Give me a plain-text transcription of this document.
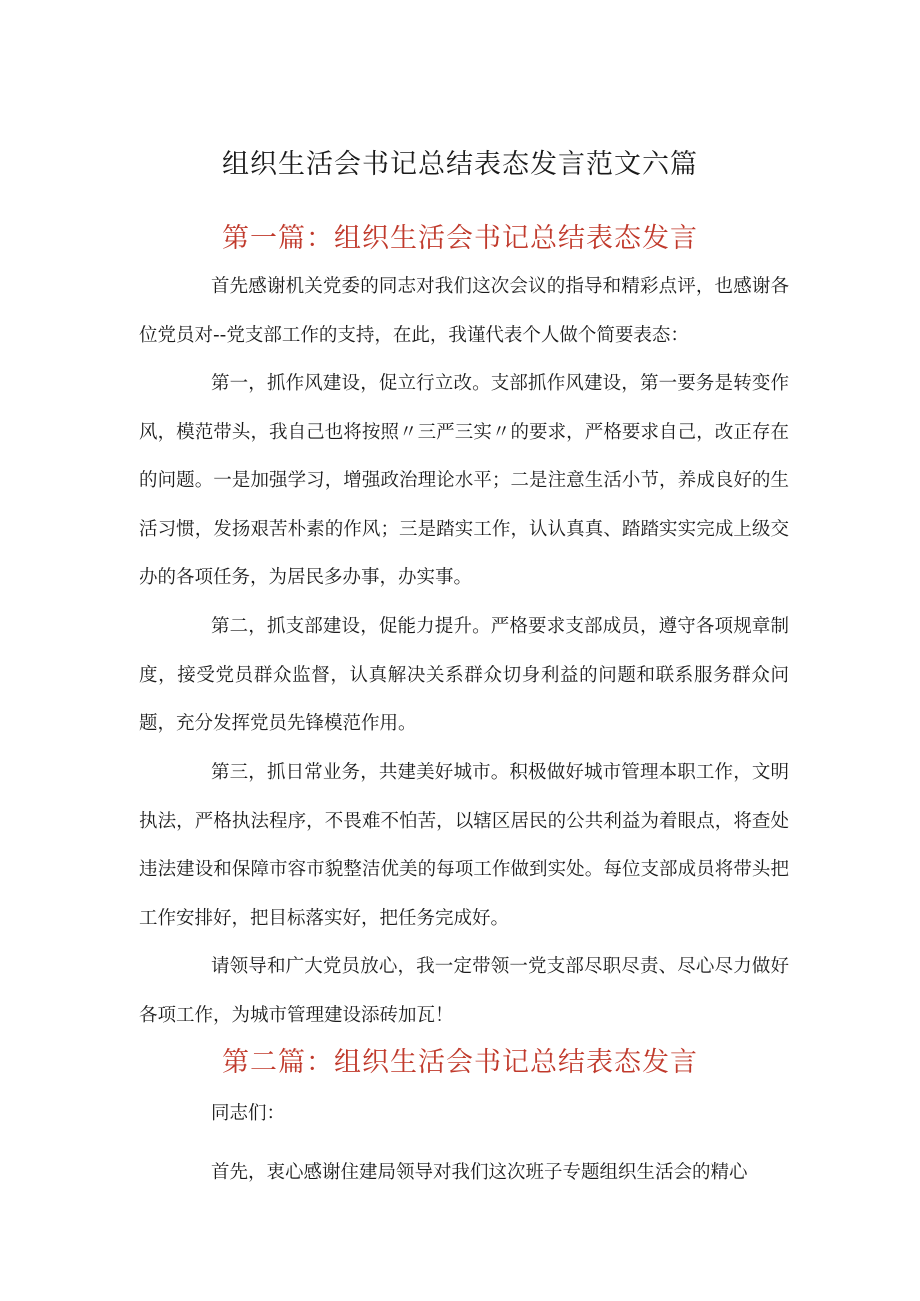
组织生活会书记总结表态发言范文六篇
第一篇：组织生活会书记总结表态发言

首先感谢机关党委的同志对我们这次会议的指导和精彩点评，也感谢各位党员对--党支部工作的支持，在此，我谨代表个人做个简要表态：

第一，抓作风建设，促立行立改。支部抓作风建设，第一要务是转变作风，模范带头，我自己也将按照〃三严三实〃的要求，严格要求自己，改正存在的问题。一是加强学习，增强政治理论水平；二是注意生活小节，养成良好的生活习惯，发扬艰苦朴素的作风；三是踏实工作，认认真真、踏踏实实完成上级交办的各项任务，为居民多办事，办实事。

第二，抓支部建设，促能力提升。严格要求支部成员，遵守各项规章制度，接受党员群众监督，认真解决关系群众切身利益的问题和联系服务群众问题，充分发挥党员先锋模范作用。

第三，抓日常业务，共建美好城市。积极做好城市管理本职工作，文明执法，严格执法程序，不畏难不怕苦，以辖区居民的公共利益为着眼点，将查处违法建设和保障市容市貌整洁优美的每项工作做到实处。每位支部成员将带头把工作安排好，把目标落实好，把任务完成好。

请领导和广大党员放心，我一定带领一党支部尽职尽责、尽心尽力做好各项工作，为城市管理建设添砖加瓦！

第二篇：组织生活会书记总结表态发言

同志们：

首先，衷心感谢住建局领导对我们这次班子专题组织生活会的精心
